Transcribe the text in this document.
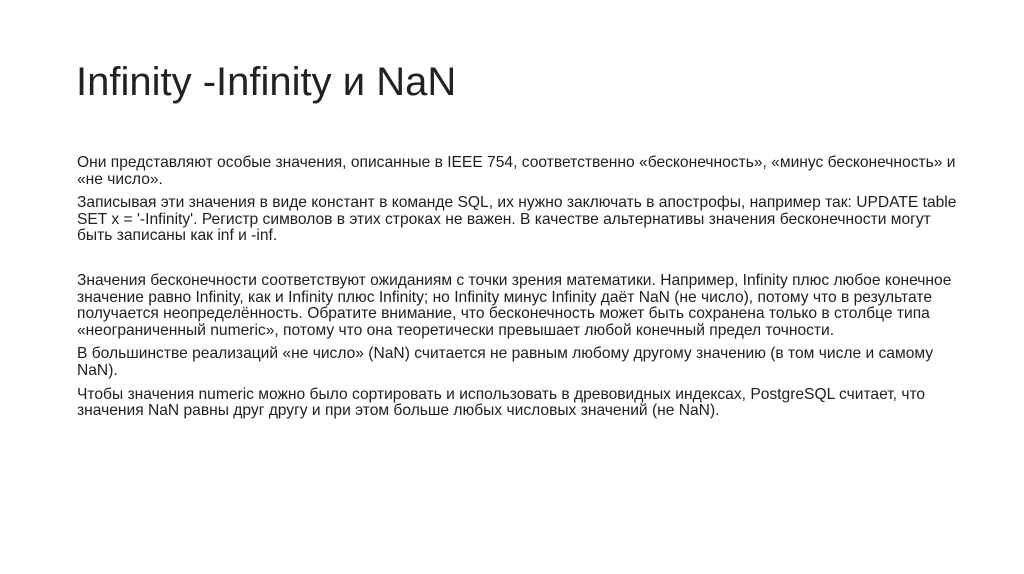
Infinity -Infinity и NaN

Они представляют особые значения, описанные в IEEE 754, соответственно «бесконечность», «минус бесконечность» и «не число».

Записывая эти значения в виде констант в команде SQL, их нужно заключать в апострофы, например так: UPDATE table SET x = '-Infinity'. Регистр символов в этих строках не важен. В качестве альтернативы значения бесконечности могут быть записаны как inf и -inf.

Значения бесконечности соответствуют ожиданиям с точки зрения математики. Например, Infinity плюс любое конечное значение равно Infinity, как и Infinity плюс Infinity; но Infinity минус Infinity даёт NaN (не число), потому что в результате получается неопределённость. Обратите внимание, что бесконечность может быть сохранена только в столбце типа «неограниченный numeric», потому что она теоретически превышает любой конечный предел точности.

В большинстве реализаций «не число» (NaN) считается не равным любому другому значению (в том числе и самому NaN).

Чтобы значения numeric можно было сортировать и использовать в древовидных индексах, PostgreSQL считает, что значения NaN равны друг другу и при этом больше любых числовых значений (не NaN).
